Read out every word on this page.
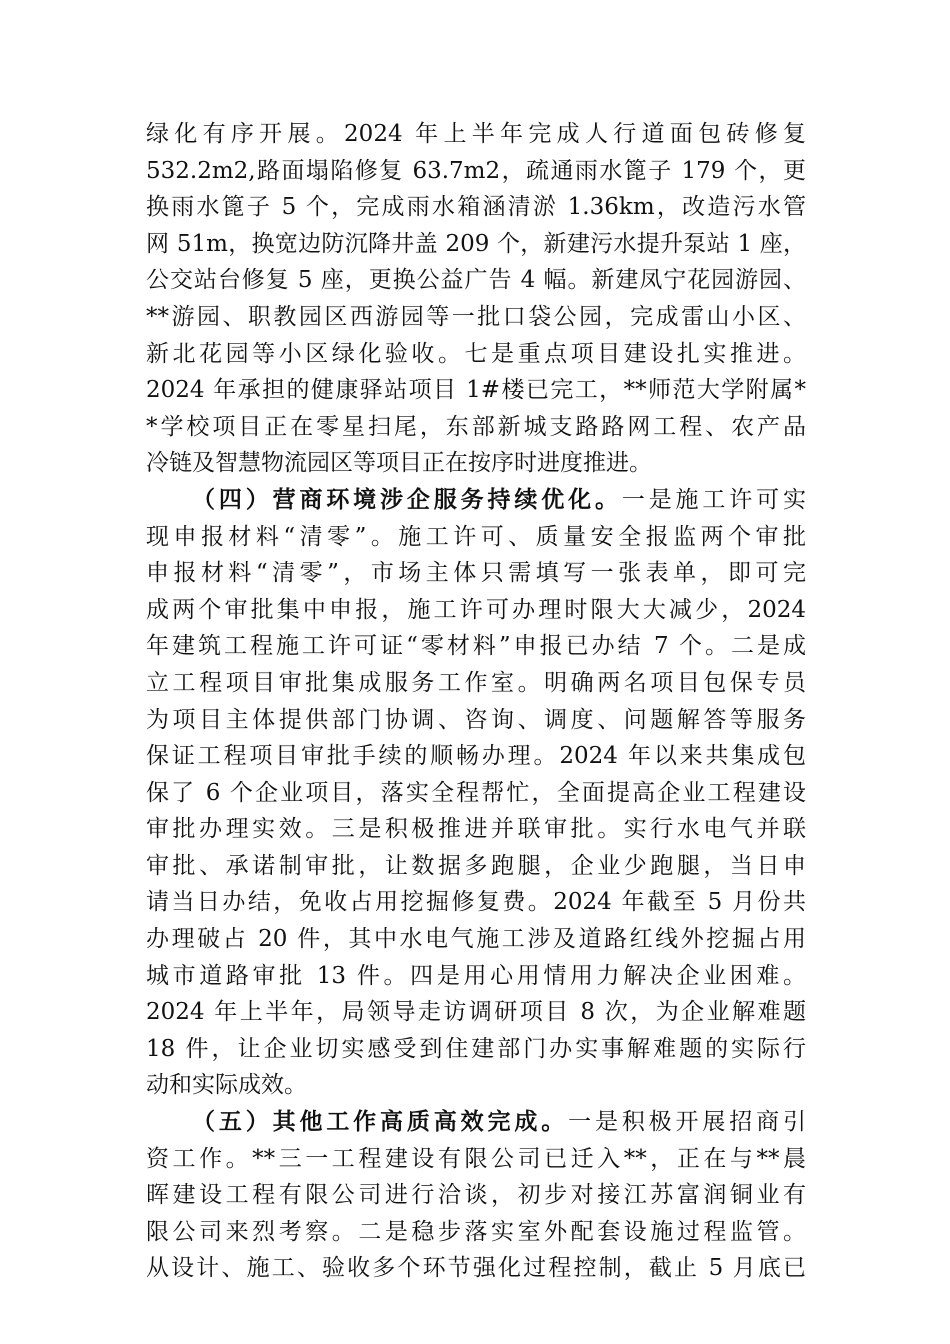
绿化有序开展。2024 年上半年完成人行道面包砖修复
532.2m2,路面塌陷修复 63.7m2，疏通雨水篦子 179 个，更
换雨水篦子 5 个，完成雨水箱涵清淤 1.36km，改造污水管
网 51m，换宽边防沉降井盖 209 个，新建污水提升泵站 1 座，
公交站台修复 5 座，更换公益广告 4 幅。新建凤宁花园游园、
**游园、职教园区西游园等一批口袋公园，完成雷山小区、
新北花园等小区绿化验收。七是重点项目建设扎实推进。
2024 年承担的健康驿站项目 1#楼已完工，**师范大学附属*
*学校项目正在零星扫尾，东部新城支路路网工程、农产品
冷链及智慧物流园区等项目正在按序时进度推进。
（四）营商环境涉企服务持续优化。一是施工许可实
现申报材料“清零”。施工许可、质量安全报监两个审批
申报材料“清零”，市场主体只需填写一张表单，即可完
成两个审批集中申报，施工许可办理时限大大减少，2024
年建筑工程施工许可证“零材料”申报已办结 7 个。二是成
立工程项目审批集成服务工作室。明确两名项目包保专员
为项目主体提供部门协调、咨询、调度、问题解答等服务
保证工程项目审批手续的顺畅办理。2024 年以来共集成包
保了 6 个企业项目，落实全程帮忙，全面提高企业工程建设
审批办理实效。三是积极推进并联审批。实行水电气并联
审批、承诺制审批，让数据多跑腿，企业少跑腿，当日申
请当日办结，免收占用挖掘修复费。2024 年截至 5 月份共
办理破占 20 件，其中水电气施工涉及道路红线外挖掘占用
城市道路审批 13 件。四是用心用情用力解决企业困难。
2024 年上半年，局领导走访调研项目 8 次，为企业解难题
18 件，让企业切实感受到住建部门办实事解难题的实际行
动和实际成效。
（五）其他工作高质高效完成。一是积极开展招商引
资工作。**三一工程建设有限公司已迁入**，正在与**晨
晖建设工程有限公司进行洽谈，初步对接江苏富润铜业有
限公司来烈考察。二是稳步落实室外配套设施过程监管。
从设计、施工、验收多个环节强化过程控制，截止 5 月底已
